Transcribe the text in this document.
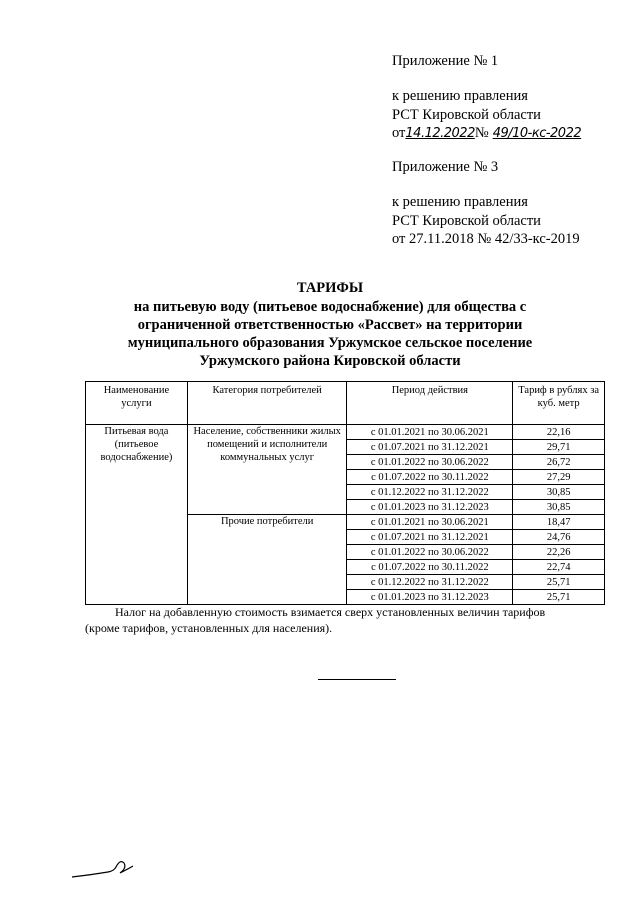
Приложение № 1
к решению правления
РСТ Кировской области
от14.12.2022№ 49/10-кс-2022
Приложение № 3
к решению правления
РСТ Кировской области
от 27.11.2018 № 42/33-кс-2019
ТАРИФЫ
на питьевую воду (питьевое водоснабжение) для общества с
ограниченной ответственностью «Рассвет» на территории
муниципального образования Уржумское сельское поселение
Уржумского района Кировской области
Наименование услуги	Категория потребителей	Период действия	Тариф в рублях за куб. метр
Питьевая вода (питьевое водоснабжение)	Население, собственники жилых помещений и исполнители коммунальных услуг	с 01.01.2021 по 30.06.2021	22,16
		с 01.07.2021 по 31.12.2021	29,71
		с 01.01.2022 по 30.06.2022	26,72
		с 01.07.2022 по 30.11.2022	27,29
		с 01.12.2022 по 31.12.2022	30,85
		с 01.01.2023 по 31.12.2023	30,85
	Прочие потребители	с 01.01.2021 по 30.06.2021	18,47
		с 01.07.2021 по 31.12.2021	24,76
		с 01.01.2022 по 30.06.2022	22,26
		с 01.07.2022 по 30.11.2022	22,74
		с 01.12.2022 по 31.12.2022	25,71
		с 01.01.2023 по 31.12.2023	25,71
Налог на добавленную стоимость взимается сверх установленных величин тарифов
(кроме тарифов, установленных для населения).
